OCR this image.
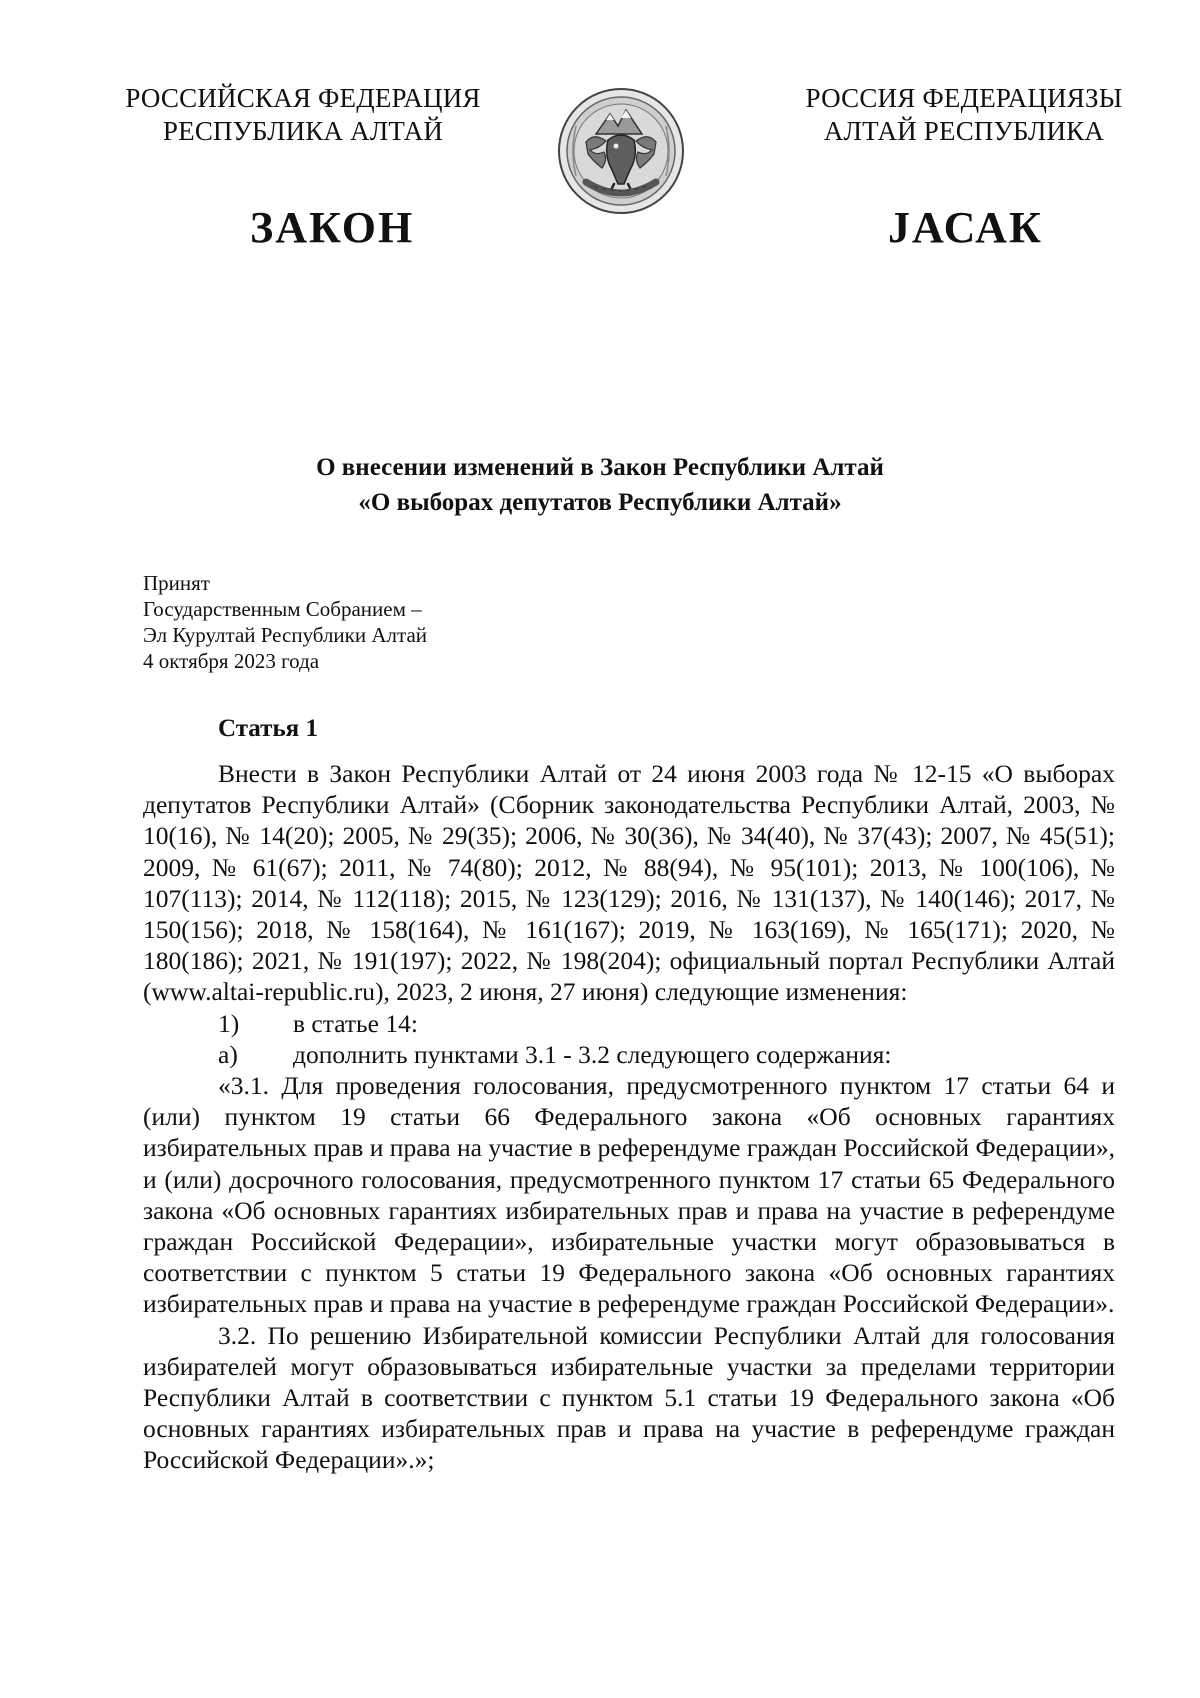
РОССИЙСКАЯ ФЕДЕРАЦИЯ
РЕСПУБЛИКА АЛТАЙ
РОССИЯ ФЕДЕРАЦИЯЗЫ
АЛТАЙ РЕСПУБЛИКА
ЗАКОН	JАСАК
О внесении изменений в Закон Республики Алтай
«О выборах депутатов Республики Алтай»
Принят
Государственным Собранием –
Эл Курултай Республики Алтай
4 октября 2023 года
Статья 1

Внести в Закон Республики Алтай от 24 июня 2003 года № 12-15 «О выборах депутатов Республики Алтай» (Сборник законодательства Республики Алтай, 2003, № 10(16), № 14(20); 2005, № 29(35); 2006, № 30(36), № 34(40), № 37(43); 2007, № 45(51); 2009, № 61(67); 2011, № 74(80); 2012, № 88(94), № 95(101); 2013, № 100(106), № 107(113); 2014, № 112(118); 2015, № 123(129); 2016, № 131(137), № 140(146); 2017, № 150(156); 2018, № 158(164), № 161(167); 2019, № 163(169), № 165(171); 2020, № 180(186); 2021, № 191(197); 2022, № 198(204); официальный портал Республики Алтай (www.altai-republic.ru), 2023, 2 июня, 27 июня) следующие изменения:

1)	в статье 14:
а)	дополнить пунктами 3.1 - 3.2 следующего содержания:

«3.1. Для проведения голосования, предусмотренного пунктом 17 статьи 64 и (или) пунктом 19 статьи 66 Федерального закона «Об основных гарантиях избирательных прав и права на участие в референдуме граждан Российской Федерации», и (или) досрочного голосования, предусмотренного пунктом 17 статьи 65 Федерального закона «Об основных гарантиях избирательных прав и права на участие в референдуме граждан Российской Федерации», избирательные участки могут образовываться в соответствии с пунктом 5 статьи 19 Федерального закона «Об основных гарантиях избирательных прав и права на участие в референдуме граждан Российской Федерации».

3.2. По решению Избирательной комиссии Республики Алтай для голосования избирателей могут образовываться избирательные участки за пределами территории Республики Алтай в соответствии с пунктом 5.1 статьи 19 Федерального закона «Об основных гарантиях избирательных прав и права на участие в референдуме граждан Российской Федерации».»;
